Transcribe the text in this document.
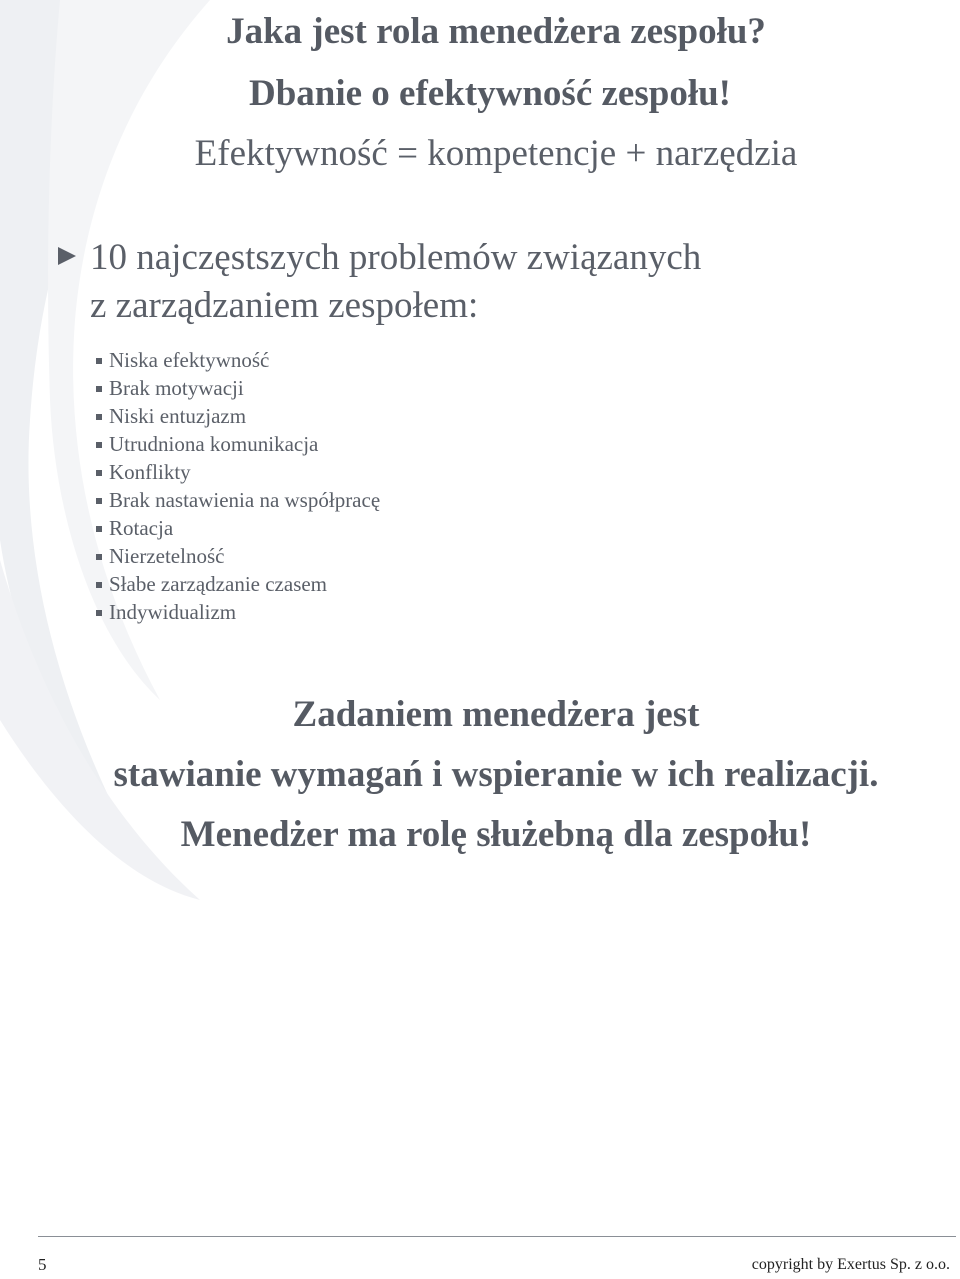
Jaka jest rola menedżera zespołu?
Dbanie o efektywność zespołu!
Efektywność = kompetencje + narzędzia
10 najczęstszych problemów związanych
z zarządzaniem zespołem:
Niska efektywność
Brak motywacji
Niski entuzjazm
Utrudniona komunikacja
Konflikty
Brak nastawienia na współpracę
Rotacja
Nierzetelność
Słabe zarządzanie czasem
Indywidualizm

Zadaniem menedżera jest

stawianie wymagań i wspieranie w ich realizacji.

Menedżer ma rolę służebną dla zespołu!

5	copyright by Exertus Sp. z o.o.
